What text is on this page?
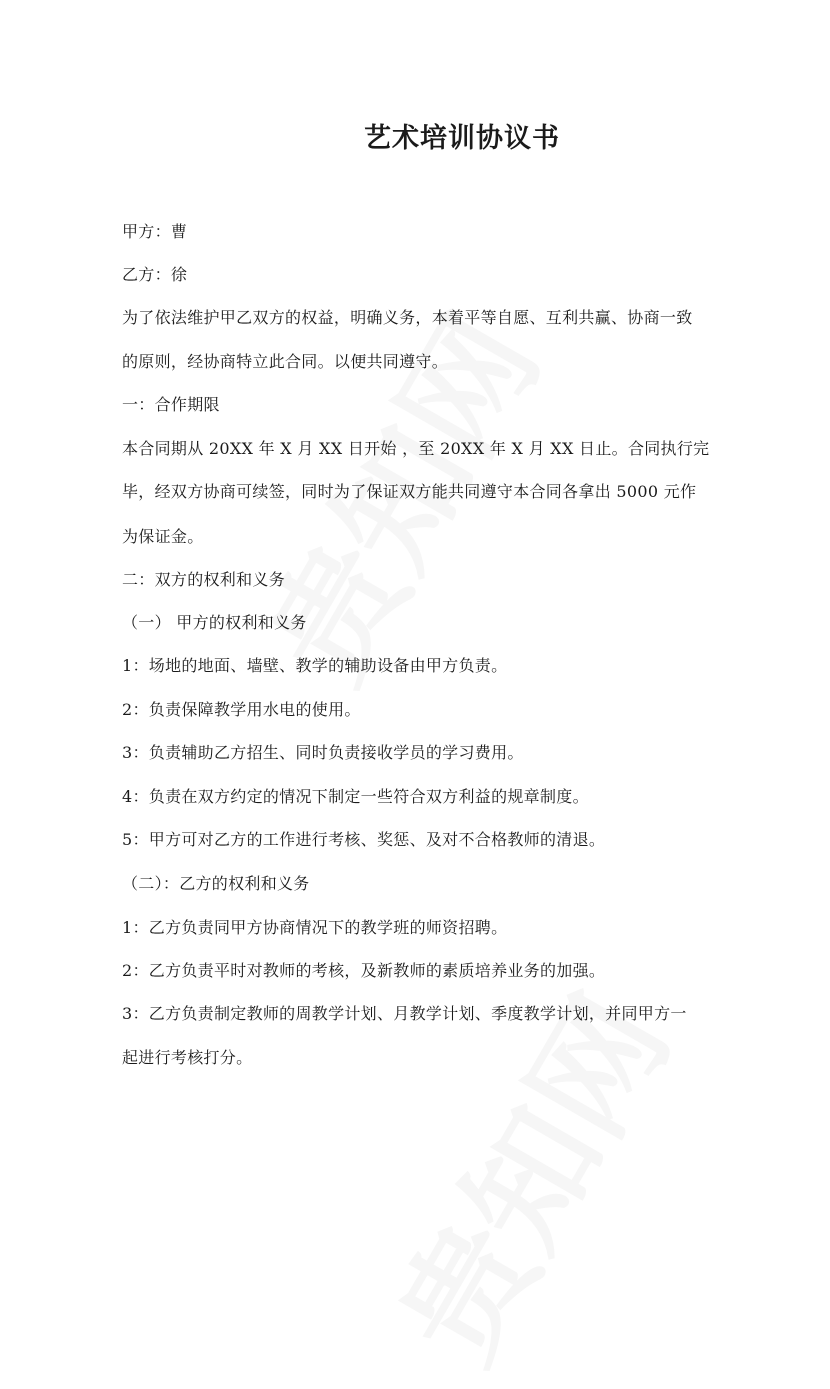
艺术培训协议书
甲方：曹
乙方：徐
为了依法维护甲乙双方的权益，明确义务，本着平等自愿、互利共赢、协商一致
的原则，经协商特立此合同。以便共同遵守。
一：合作期限
本合同期从 20XX 年 X 月 XX 日开始 ，至 20XX 年 X 月 XX 日止。合同执行完
毕，经双方协商可续签，同时为了保证双方能共同遵守本合同各拿出 5000 元作
为保证金。
二：双方的权利和义务
（一） 甲方的权利和义务
1：场地的地面、墙壁、教学的辅助设备由甲方负责。
2：负责保障教学用水电的使用。
3：负责辅助乙方招生、同时负责接收学员的学习费用。
4：负责在双方约定的情况下制定一些符合双方利益的规章制度。
5：甲方可对乙方的工作进行考核、奖惩、及对不合格教师的清退。
（二）：乙方的权利和义务
1：乙方负责同甲方协商情况下的教学班的师资招聘。
2：乙方负责平时对教师的考核，及新教师的素质培养业务的加强。
3：乙方负责制定教师的周教学计划、月教学计划、季度教学计划，并同甲方一
起进行考核打分。
